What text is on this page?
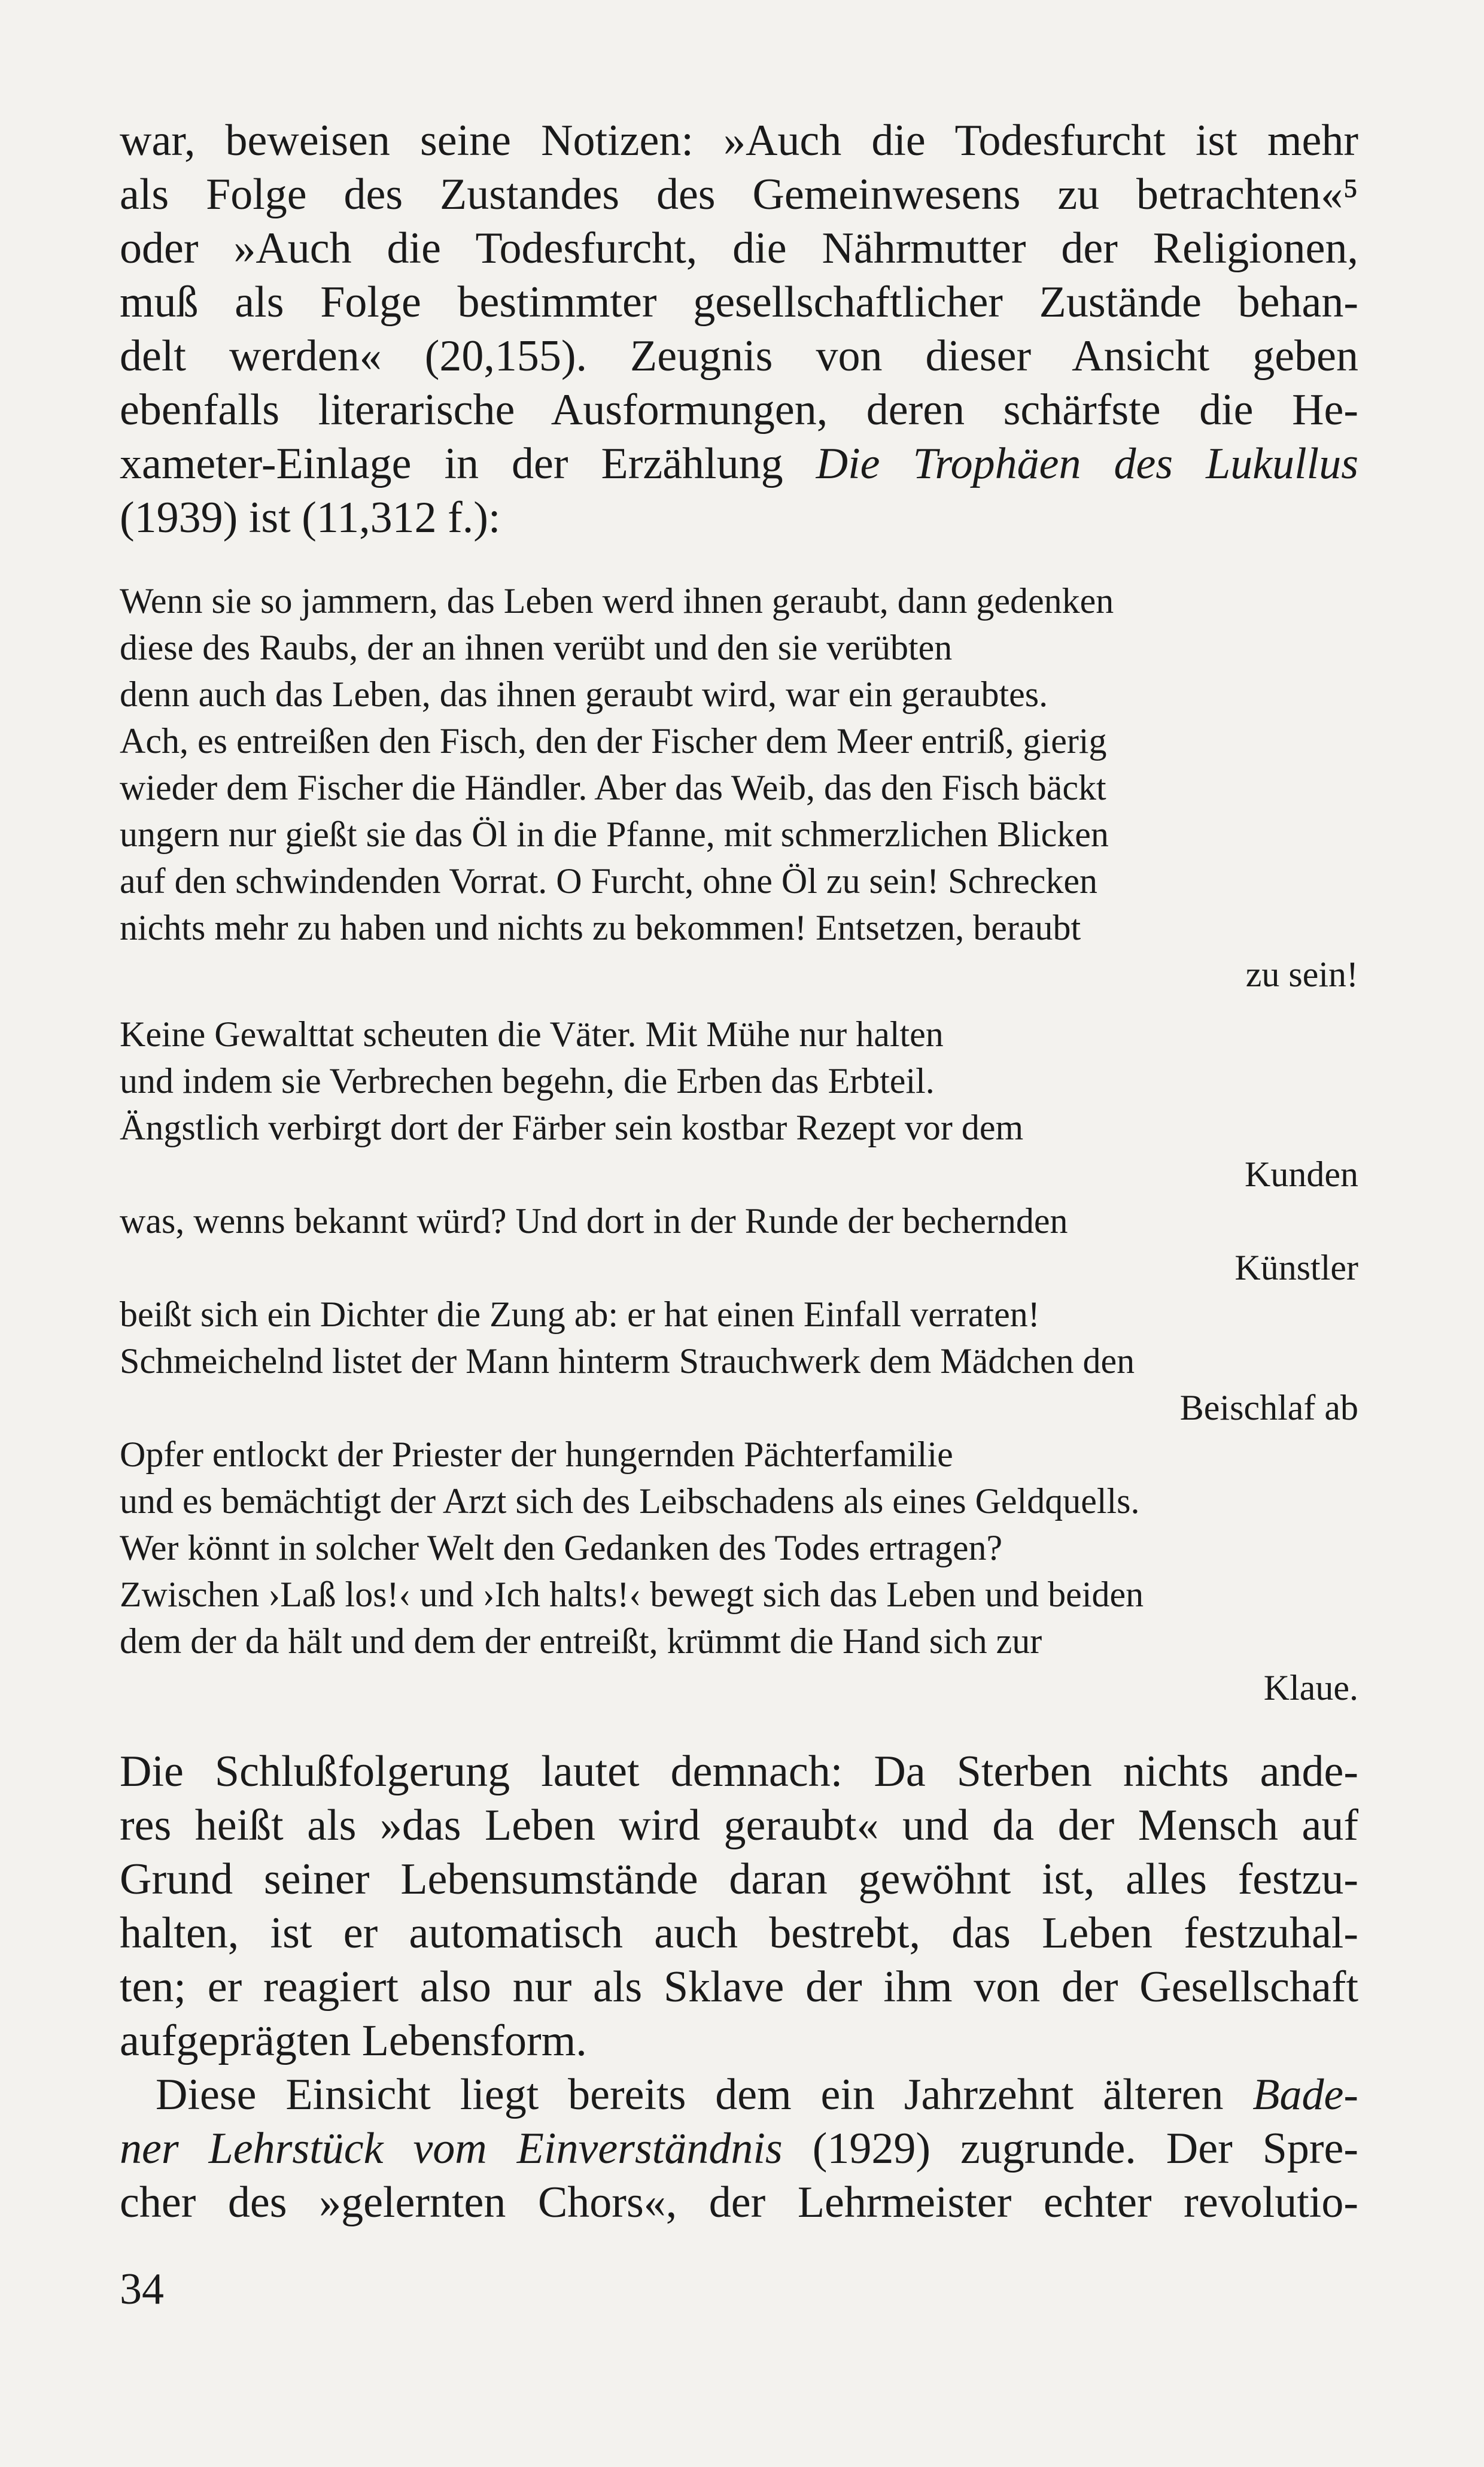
war, beweisen seine Notizen: »Auch die Todesfurcht ist mehr
als Folge des Zustandes des Gemeinwesens zu betrachten«⁵
oder »Auch die Todesfurcht, die Nährmutter der Religionen,
muß als Folge bestimmter gesellschaftlicher Zustände behan-
delt werden« (20,155). Zeugnis von dieser Ansicht geben
ebenfalls literarische Ausformungen, deren schärfste die He-
xameter-Einlage in der Erzählung Die Trophäen des Lukullus
(1939) ist (11,312 f.):
Wenn sie so jammern, das Leben werd ihnen geraubt, dann gedenken
diese des Raubs, der an ihnen verübt und den sie verübten
denn auch das Leben, das ihnen geraubt wird, war ein geraubtes.
Ach, es entreißen den Fisch, den der Fischer dem Meer entriß, gierig
wieder dem Fischer die Händler. Aber das Weib, das den Fisch bäckt
ungern nur gießt sie das Öl in die Pfanne, mit schmerzlichen Blicken
auf den schwindenden Vorrat. O Furcht, ohne Öl zu sein! Schrecken
nichts mehr zu haben und nichts zu bekommen! Entsetzen, beraubt
zu sein!
Keine Gewalttat scheuten die Väter. Mit Mühe nur halten
und indem sie Verbrechen begehn, die Erben das Erbteil.
Ängstlich verbirgt dort der Färber sein kostbar Rezept vor dem
Kunden
was, wenns bekannt würd? Und dort in der Runde der bechernden
Künstler
beißt sich ein Dichter die Zung ab: er hat einen Einfall verraten!
Schmeichelnd listet der Mann hinterm Strauchwerk dem Mädchen den
Beischlaf ab
Opfer entlockt der Priester der hungernden Pächterfamilie
und es bemächtigt der Arzt sich des Leibschadens als eines Geldquells.
Wer könnt in solcher Welt den Gedanken des Todes ertragen?
Zwischen ›Laß los!‹ und ›Ich halts!‹ bewegt sich das Leben und beiden
dem der da hält und dem der entreißt, krümmt die Hand sich zur
Klaue.
Die Schlußfolgerung lautet demnach: Da Sterben nichts ande-
res heißt als »das Leben wird geraubt« und da der Mensch auf
Grund seiner Lebensumstände daran gewöhnt ist, alles festzu-
halten, ist er automatisch auch bestrebt, das Leben festzuhal-
ten; er reagiert also nur als Sklave der ihm von der Gesellschaft
aufgeprägten Lebensform.
Diese Einsicht liegt bereits dem ein Jahrzehnt älteren Bade-
ner Lehrstück vom Einverständnis (1929) zugrunde. Der Spre-
cher des »gelernten Chors«, der Lehrmeister echter revolutio-
34
